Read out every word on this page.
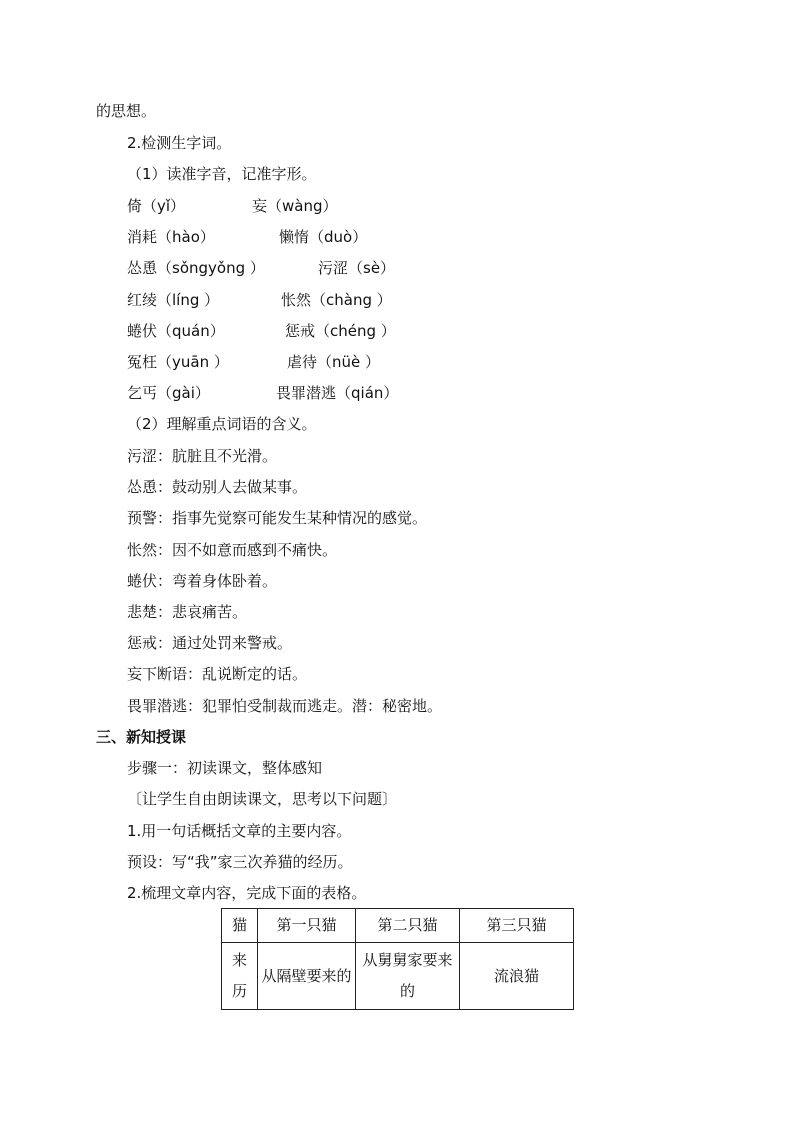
的思想。
2.检测生字词。
（1）读准字音，记准字形。
倚（yǐ）	妄（wàng）
消耗（hào）	懒惰（duò）
怂恿（sǒngyǒng ）	污涩（sè）
红绫（líng ）	怅然（chàng ）
蜷伏（quán）	惩戒（chéng ）
冤枉（yuān ）	虐待（nüè ）
乞丐（gài）	畏罪潜逃（qián）
（2）理解重点词语的含义。
污涩：肮脏且不光滑。
怂恿：鼓动别人去做某事。
预警：指事先觉察可能发生某种情况的感觉。
怅然：因不如意而感到不痛快。
蜷伏：弯着身体卧着。
悲楚：悲哀痛苦。
惩戒：通过处罚来警戒。
妄下断语：乱说断定的话。
畏罪潜逃：犯罪怕受制裁而逃走。潜：秘密地。
三、新知授课
步骤一：初读课文，整体感知
〔让学生自由朗读课文，思考以下问题〕
1.用一句话概括文章的主要内容。
预设：写“我”家三次养猫的经历。
2.梳理文章内容，完成下面的表格。
猫	第一只猫	第二只猫	第三只猫
来历	从隔壁要来的	从舅舅家要来的	流浪猫
